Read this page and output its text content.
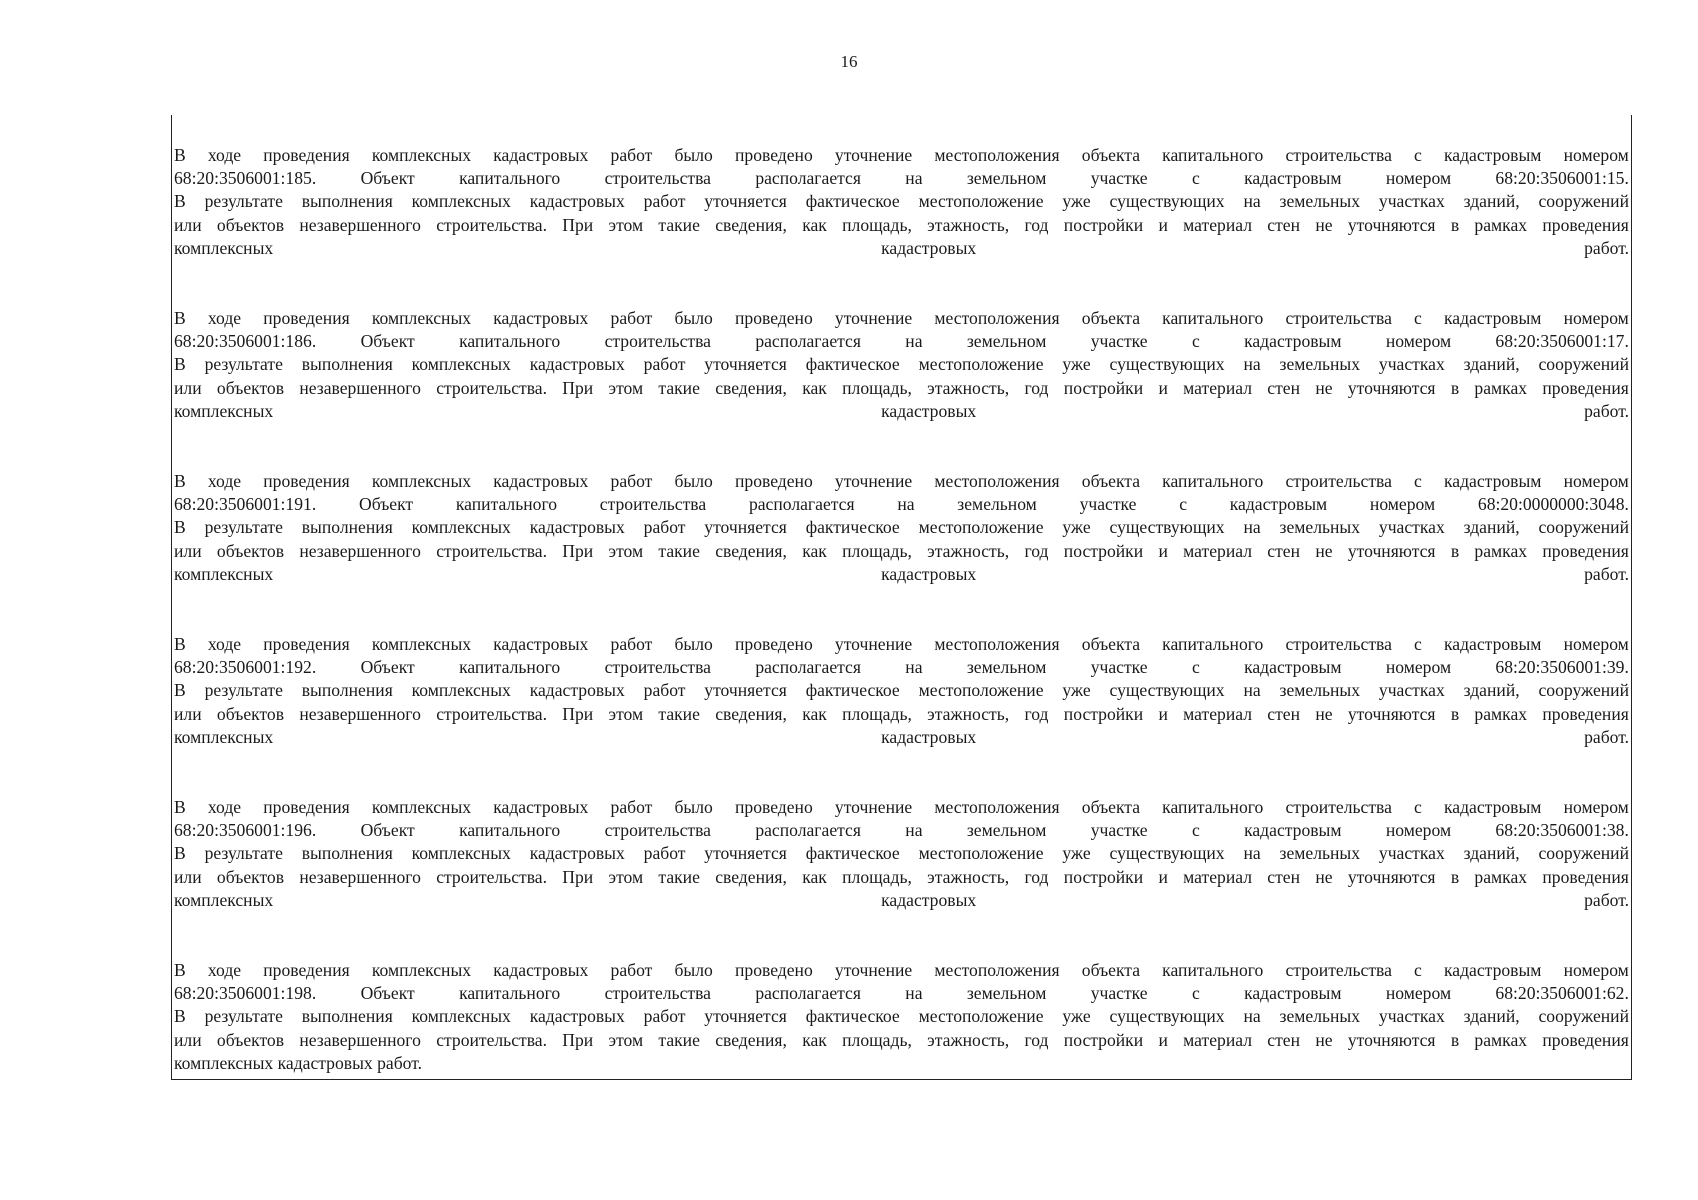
16
В ходе проведения комплексных кадастровых работ было проведено уточнение местоположения объекта капитального строительства с кадастровым номером
68:20:3506001:185.	Объект	капитального	строительства	располагается	на	земельном	участке	с	кадастровым	номером	68:20:3506001:15.
В результате выполнения комплексных кадастровых работ уточняется фактическое местоположение уже существующих на земельных участках зданий, сооружений
или объектов незавершенного строительства. При этом такие сведения, как площадь, этажность, год постройки и материал стен не уточняются в рамках проведения
комплексных	кадастровых	работ.
В ходе проведения комплексных кадастровых работ было проведено уточнение местоположения объекта капитального строительства с кадастровым номером
68:20:3506001:186.	Объект	капитального	строительства	располагается	на	земельном	участке	с	кадастровым	номером	68:20:3506001:17.
В результате выполнения комплексных кадастровых работ уточняется фактическое местоположение уже существующих на земельных участках зданий, сооружений
или объектов незавершенного строительства. При этом такие сведения, как площадь, этажность, год постройки и материал стен не уточняются в рамках проведения
комплексных	кадастровых	работ.
В ходе проведения комплексных кадастровых работ было проведено уточнение местоположения объекта капитального строительства с кадастровым номером
68:20:3506001:191. Объект капитального строительства располагается на земельном участке с кадастровым номером 68:20:0000000:3048.
В результате выполнения комплексных кадастровых работ уточняется фактическое местоположение уже существующих на земельных участках зданий, сооружений
или объектов незавершенного строительства. При этом такие сведения, как площадь, этажность, год постройки и материал стен не уточняются в рамках проведения
комплексных	кадастровых	работ.
В ходе проведения комплексных кадастровых работ было проведено уточнение местоположения объекта капитального строительства с кадастровым номером
68:20:3506001:192.	Объект	капитального	строительства	располагается	на	земельном	участке	с	кадастровым	номером	68:20:3506001:39.
В результате выполнения комплексных кадастровых работ уточняется фактическое местоположение уже существующих на земельных участках зданий, сооружений
или объектов незавершенного строительства. При этом такие сведения, как площадь, этажность, год постройки и материал стен не уточняются в рамках проведения
комплексных	кадастровых	работ.
В ходе проведения комплексных кадастровых работ было проведено уточнение местоположения объекта капитального строительства с кадастровым номером
68:20:3506001:196.	Объект	капитального	строительства	располагается	на	земельном	участке	с	кадастровым	номером	68:20:3506001:38.
В результате выполнения комплексных кадастровых работ уточняется фактическое местоположение уже существующих на земельных участках зданий, сооружений
или объектов незавершенного строительства. При этом такие сведения, как площадь, этажность, год постройки и материал стен не уточняются в рамках проведения
комплексных	кадастровых	работ.
В ходе проведения комплексных кадастровых работ было проведено уточнение местоположения объекта капитального строительства с кадастровым номером
68:20:3506001:198.	Объект	капитального	строительства	располагается	на	земельном	участке	с	кадастровым	номером	68:20:3506001:62.
В результате выполнения комплексных кадастровых работ уточняется фактическое местоположение уже существующих на земельных участках зданий, сооружений
или объектов незавершенного строительства. При этом такие сведения, как площадь, этажность, год постройки и материал стен не уточняются в рамках проведения
комплексных кадастровых работ.
